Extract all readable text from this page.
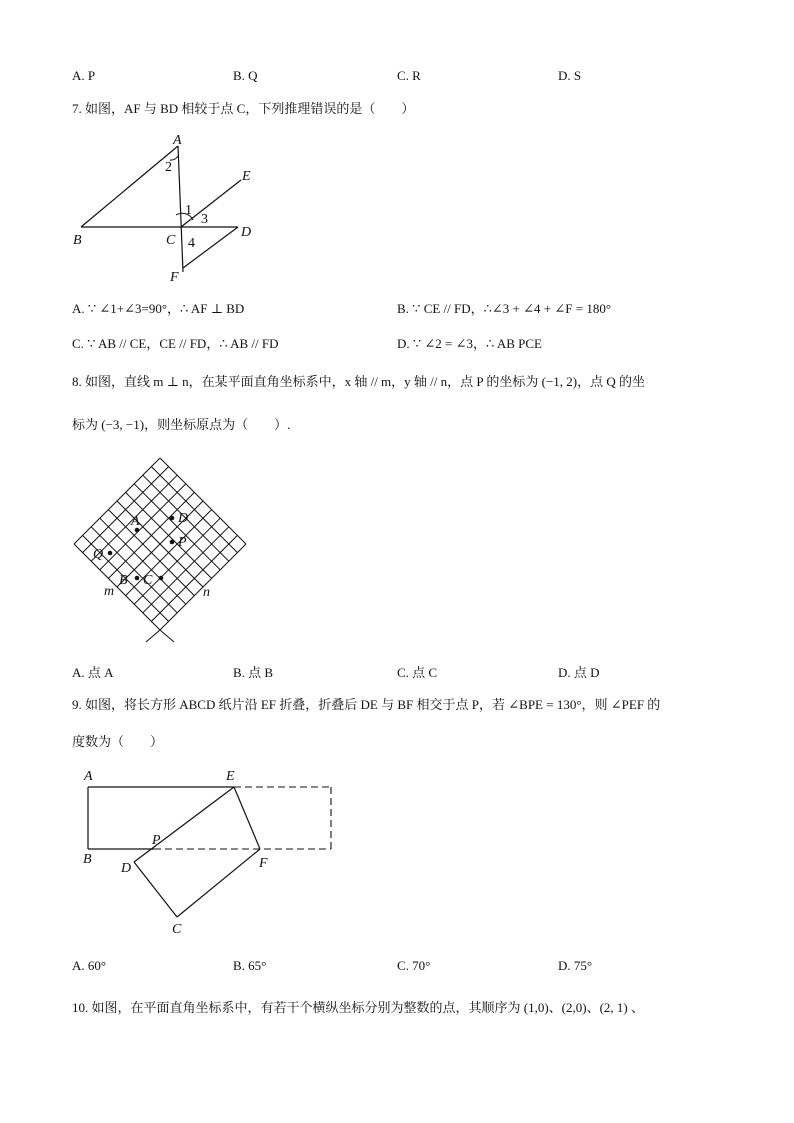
A. P	B. Q	C. R	D. S
7. 如图，AF 与 BD 相较于点 C，下列推理错误的是（　　）
A
B	C
D
E
F
1
2
3
4
A. ∵ ∠1+∠3=90°，∴ AF ⊥ BD	B. ∵ CE // FD，∴∠3 + ∠4 + ∠F = 180°
C. ∵ AB // CE，CE // FD，∴ AB // FD	D. ∵ ∠2 = ∠3，∴ AB PCE
8. 如图，直线 m ⊥ n，在某平面直角坐标系中，x 轴 // m，y 轴 // n，点 P 的坐标为 (−1, 2)，点 Q 的坐
标为 (−3, −1)，则坐标原点为（　　）.
A	D
P
Q
B C
m	n
A. 点 A	B. 点 B	C. 点 C	D. 点 D
9. 如图，将长方形 ABCD 纸片沿 EF 折叠，折叠后 DE 与 BF 相交于点 P，若 ∠BPE = 130°，则 ∠PEF 的
度数为（　　）
A	E
B
P
D	F
C
A. 60°	B. 65°	C. 70°	D. 75°
10. 如图，在平面直角坐标系中，有若干个横纵坐标分别为整数的点，其顺序为 (1,0)、(2,0)、(2, 1) 、
